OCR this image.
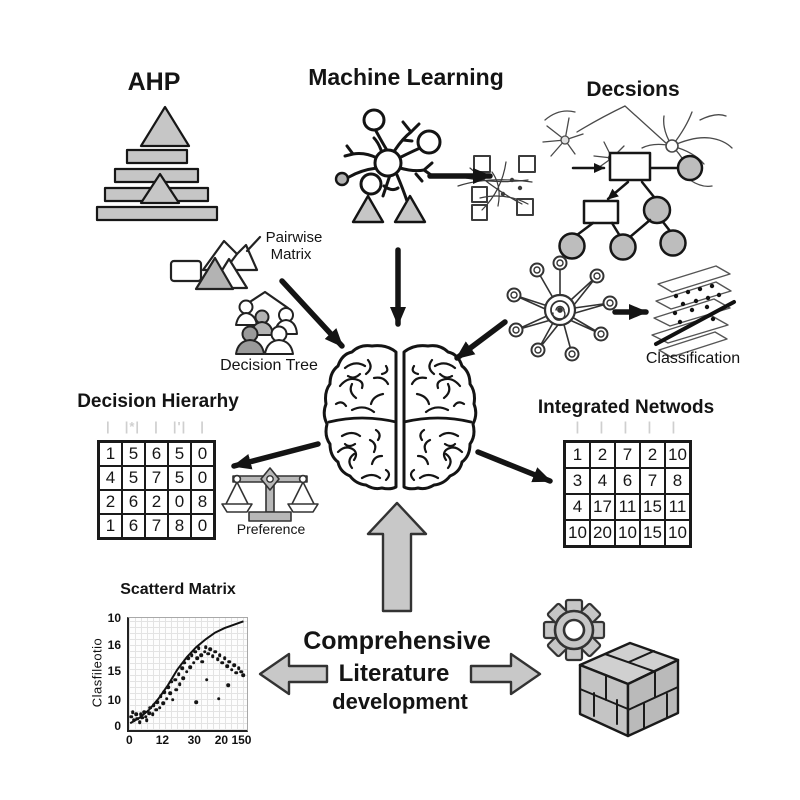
AHP	Machine Learning	Decsions
Pairwise
Matrix
Decision Tree	Classification
Decision Hierarhy	Integrated Netwods
Preference
| |*| | |'| |	| | | | |
1 5 6 5 0
4 5 7 5 0
2 6 2 0 8
1 6 7 8 0
1 2 7 2 10
3 4 6 7 8
4 17 11 15 11
10 20 10 15 10
Scatterd Matrix
Clasfileotio
10
16
15
10
0
0 12 30 20 150
Comprehensive
Literature
development
